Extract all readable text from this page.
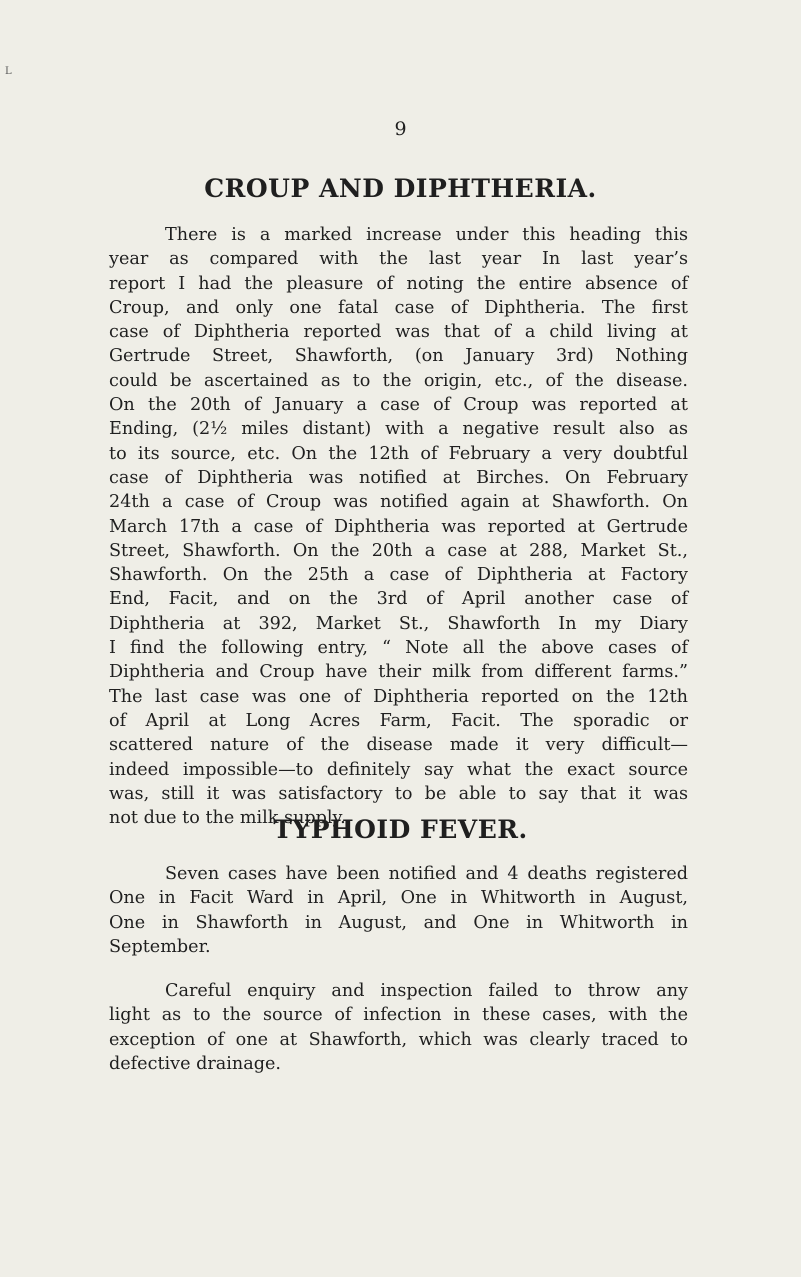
L
9
CROUP AND DIPHTHERIA.
There is a marked increase under this heading this
year as compared with the last year In last year’s
report I had the pleasure of noting the entire absence of
Croup, and only one fatal case of Diphtheria. The first
case of Diphtheria reported was that of a child living at
Gertrude Street, Shawforth, (on January 3rd) Nothing
could be ascertained as to the origin, etc., of the disease.
On the 20th of January a case of Croup was reported at
Ending, (2½ miles distant) with a negative result also as
to its source, etc. On the 12th of February a very doubtful
case of Diphtheria was notified at Birches. On February
24th a case of Croup was notified again at Shawforth. On
March 17th a case of Diphtheria was reported at Gertrude
Street, Shawforth. On the 20th a case at 288, Market St.,
Shawforth. On the 25th a case of Diphtheria at Factory
End, Facit, and on the 3rd of April another case of
Diphtheria at 392, Market St., Shawforth In my Diary
I find the following entry, “ Note all the above cases of
Diphtheria and Croup have their milk from different farms.”
The last case was one of Diphtheria reported on the 12th
of April at Long Acres Farm, Facit. The sporadic or
scattered nature of the disease made it very difficult—
indeed impossible—to definitely say what the exact source
was, still it was satisfactory to be able to say that it was
not due to the milk supply.
TYPHOID FEVER.
Seven cases have been notified and 4 deaths registered
One in Facit Ward in April, One in Whitworth in August,
One in Shawforth in August, and One in Whitworth in
September.
Careful enquiry and inspection failed to throw any
light as to the source of infection in these cases, with the
exception of one at Shawforth, which was clearly traced to
defective drainage.
